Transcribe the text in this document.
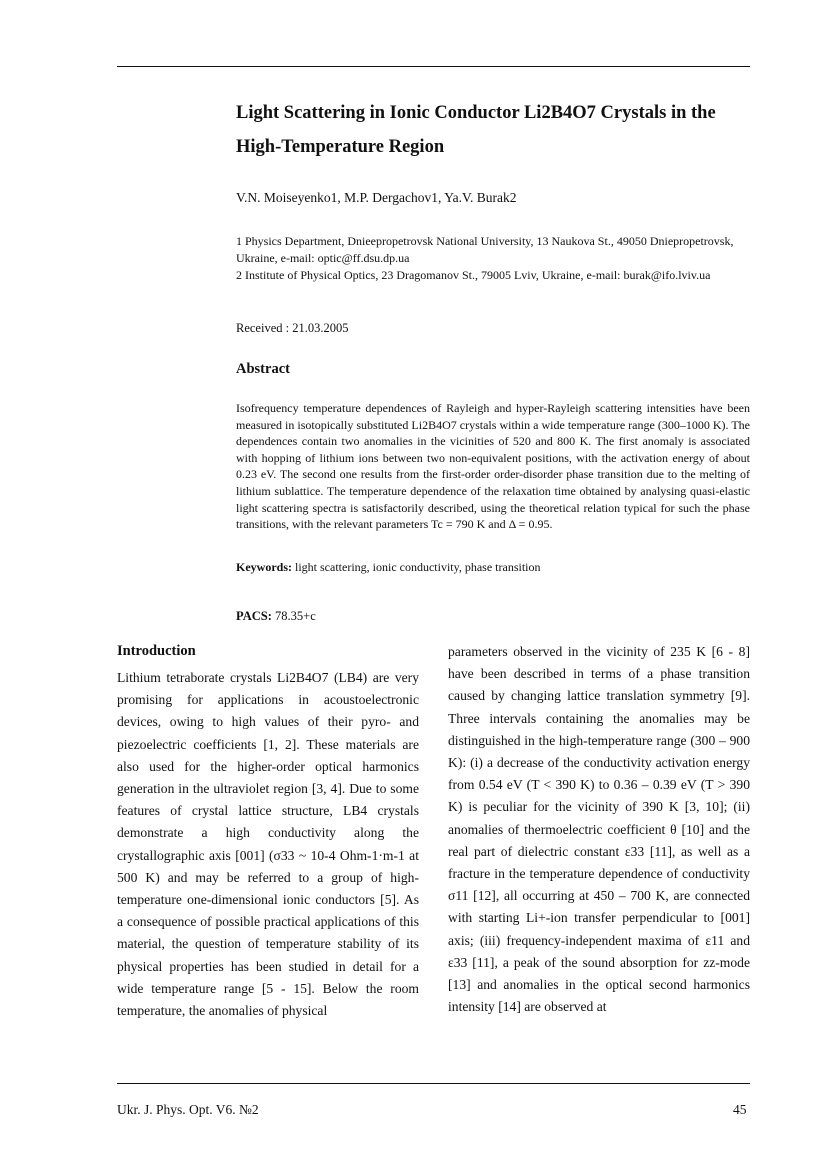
Light Scattering in Ionic Conductor Li2B4O7 Crystals in the High-Temperature Region
V.N. Moiseyenko1, M.P. Dergachov1, Ya.V. Burak2

1 Physics Department, Dnieepropetrovsk National University, 13 Naukova St., 49050 Dniepropetrovsk, Ukraine, e-mail: optic@ff.dsu.dp.ua

2 Institute of Physical Optics, 23 Dragomanov St., 79005 Lviv, Ukraine, e-mail: burak@ifo.lviv.ua

Received : 21.03.2005
Abstract

Isofrequency temperature dependences of Rayleigh and hyper-Rayleigh scattering intensities have been measured in isotopically substituted Li2B4O7 crystals within a wide temperature range (300–1000 K). The dependences contain two anomalies in the vicinities of 520 and 800 K. The first anomaly is associated with hopping of lithium ions between two non-equivalent positions, with the activation energy of about 0.23 eV. The second one results from the first-order order-disorder phase transition due to the melting of lithium sublattice. The temperature dependence of the relaxation time obtained by analysing quasi-elastic light scattering spectra is satisfactorily described, using the theoretical relation typical for such the phase transitions, with the relevant parameters Tc = 790 K and Δ = 0.95.

Keywords: light scattering, ionic conductivity, phase transition
PACS: 78.35+c
Introduction

Lithium tetraborate crystals Li2B4O7 (LB4) are very promising for applications in acoustoelectronic devices, owing to high values of their pyro- and piezoelectric coefficients [1, 2]. These materials are also used for the higher-order optical harmonics generation in the ultraviolet region [3, 4]. Due to some features of crystal lattice structure, LB4 crystals demonstrate a high conductivity along the crystallographic axis [001] (σ33 ~ 10-4 Ohm-1·m-1 at 500 K) and may be referred to a group of high-temperature one-dimensional ionic conductors [5]. As a consequence of possible practical applications of this material, the question of temperature stability of its physical properties has been studied in detail for a wide temperature range [5 - 15]. Below the room temperature, the anomalies of physical

parameters observed in the vicinity of 235 K [6 - 8] have been described in terms of a phase transition caused by changing lattice translation symmetry [9]. Three intervals containing the anomalies may be distinguished in the high-temperature range (300 – 900 K): (i) a decrease of the conductivity activation energy from 0.54 eV (T < 390 K) to 0.36 – 0.39 eV (T > 390 K) is peculiar for the vicinity of 390 K [3, 10]; (ii) anomalies of thermoelectric coefficient θ [10] and the real part of dielectric constant ε33 [11], as well as a fracture in the temperature dependence of conductivity σ11 [12], all occurring at 450 – 700 K, are connected with starting Li+-ion transfer perpendicular to [001] axis; (iii) frequency-independent maxima of ε11 and ε33 [11], a peak of the sound absorption for zz-mode [13] and anomalies in the optical second harmonics intensity [14] are observed at

Ukr. J. Phys. Opt. V6. №2	45
